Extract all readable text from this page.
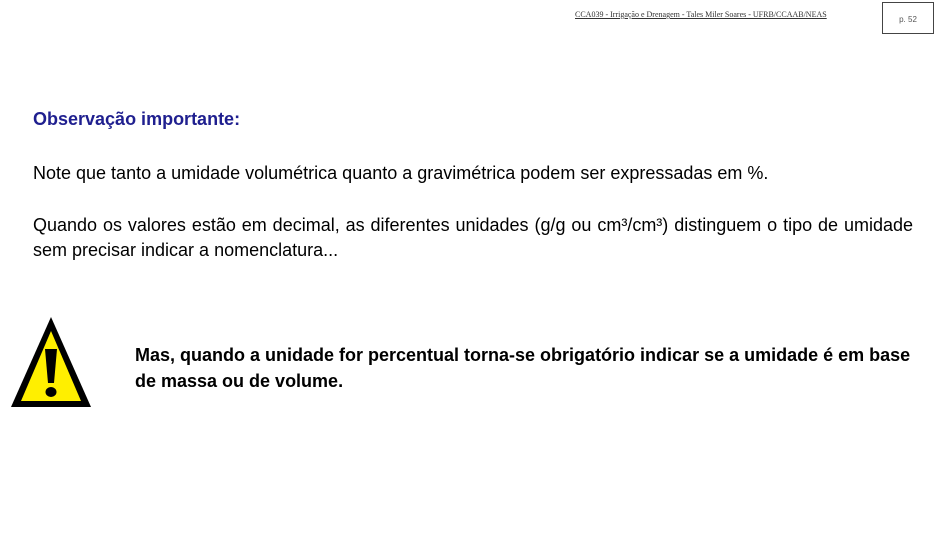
CCA039 - Irrigação e Drenagem - Tales Miler Soares - UFRB/CCAAB/NEAS
p. 52
Observação importante:
Note que tanto a umidade volumétrica quanto a gravimétrica podem ser expressadas em %.
Quando os valores estão em decimal, as diferentes unidades (g/g ou cm³/cm³) distinguem o tipo de umidade sem precisar indicar a nomenclatura...
Mas, quando a unidade for percentual torna-se obrigatório indicar se a umidade é em base de massa ou de volume.
